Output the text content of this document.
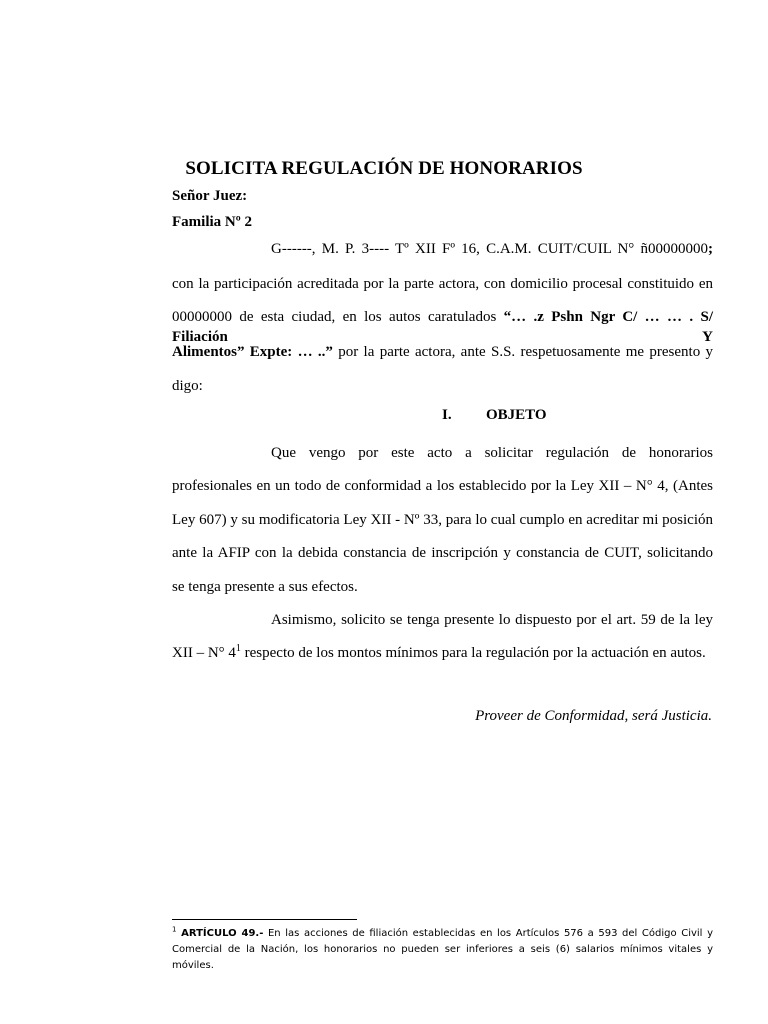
SOLICITA REGULACIÓN DE HONORARIOS
Señor Juez:
Familia Nº 2
G------, M. P. 3---- Tº XII Fº 16, C.A.M. CUIT/CUIL N° ñ00000000;
con la participación acreditada por la parte actora, con domicilio procesal constituido en
00000000 de esta ciudad, en los autos caratulados “… .z Pshn Ngr C/ … … . S/ Filiación Y
Alimentos” Expte: … ..” por la parte actora, ante S.S. respetuosamente me presento y
digo:
I. OBJETO
Que vengo por este acto a solicitar regulación de honorarios
profesionales en un todo de conformidad a los establecido por la Ley XII – N° 4, (Antes
Ley 607) y su modificatoria Ley XII - Nº 33, para lo cual cumplo en acreditar mi posición
ante la AFIP con la debida constancia de inscripción y constancia de CUIT, solicitando
se tenga presente a sus efectos.
Asimismo, solicito se tenga presente lo dispuesto por el art. 59 de la ley
XII – N° $4^1$ respecto de los montos mínimos para la regulación por la actuación en autos.
Proveer de Conformidad, será Justicia.
$^1$ ARTÍCULO 49.- En las acciones de filiación establecidas en los Artículos 576 a 593 del Código Civil y Comercial de la Nación, los honorarios no pueden ser inferiores a seis (6) salarios mínimos vitales y móviles.
